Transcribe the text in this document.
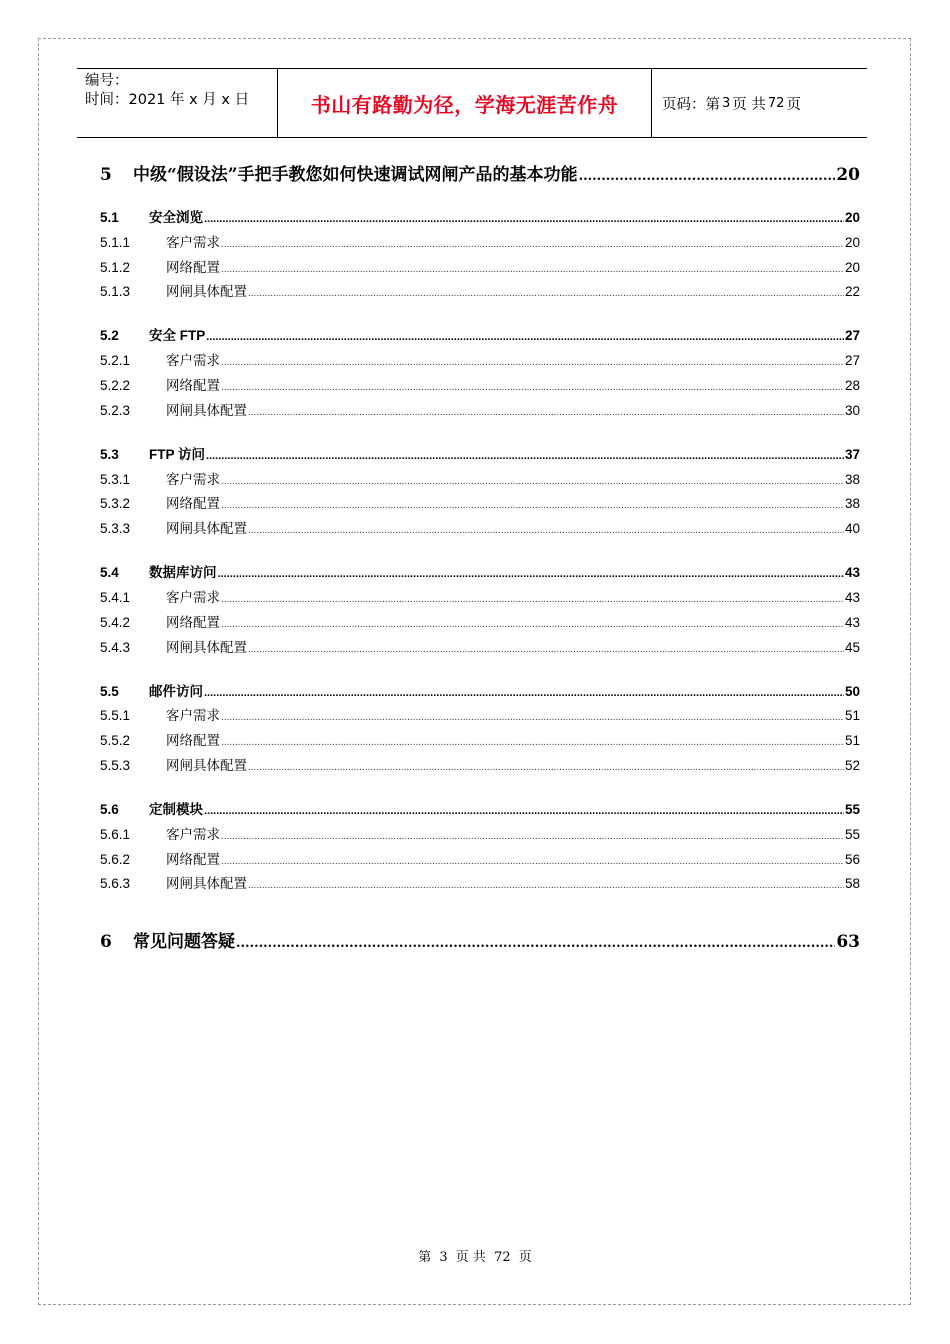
编号：
时间：2021 年 x 月 x 日	书山有路勤为径，学海无涯苦作舟	页码：第 3 页 共 72 页
5	中级“假设法”手把手教您如何快速调试网闸产品的基本功能 .....	20
5.1	安全浏览 .....	20
5.1.1	客户需求 .....	20
5.1.2	网络配置 .....	20
5.1.3	网闸具体配置 .....	22
5.2	安全 FTP .....	27
5.2.1	客户需求 .....	27
5.2.2	网络配置 .....	28
5.2.3	网闸具体配置 .....	30
5.3	FTP 访问 .....	37
5.3.1	客户需求 .....	38
5.3.2	网络配置 .....	38
5.3.3	网闸具体配置 .....	40
5.4	数据库访问 .....	43
5.4.1	客户需求 .....	43
5.4.2	网络配置 .....	43
5.4.3	网闸具体配置 .....	45
5.5	邮件访问 .....	50
5.5.1	客户需求 .....	51
5.5.2	网络配置 .....	51
5.5.3	网闸具体配置 .....	52
5.6	定制模块 .....	55
5.6.1	客户需求 .....	55
5.6.2	网络配置 .....	56
5.6.3	网闸具体配置 .....	58
6	常见问题答疑 .....	63
第 3 页 共 72 页
